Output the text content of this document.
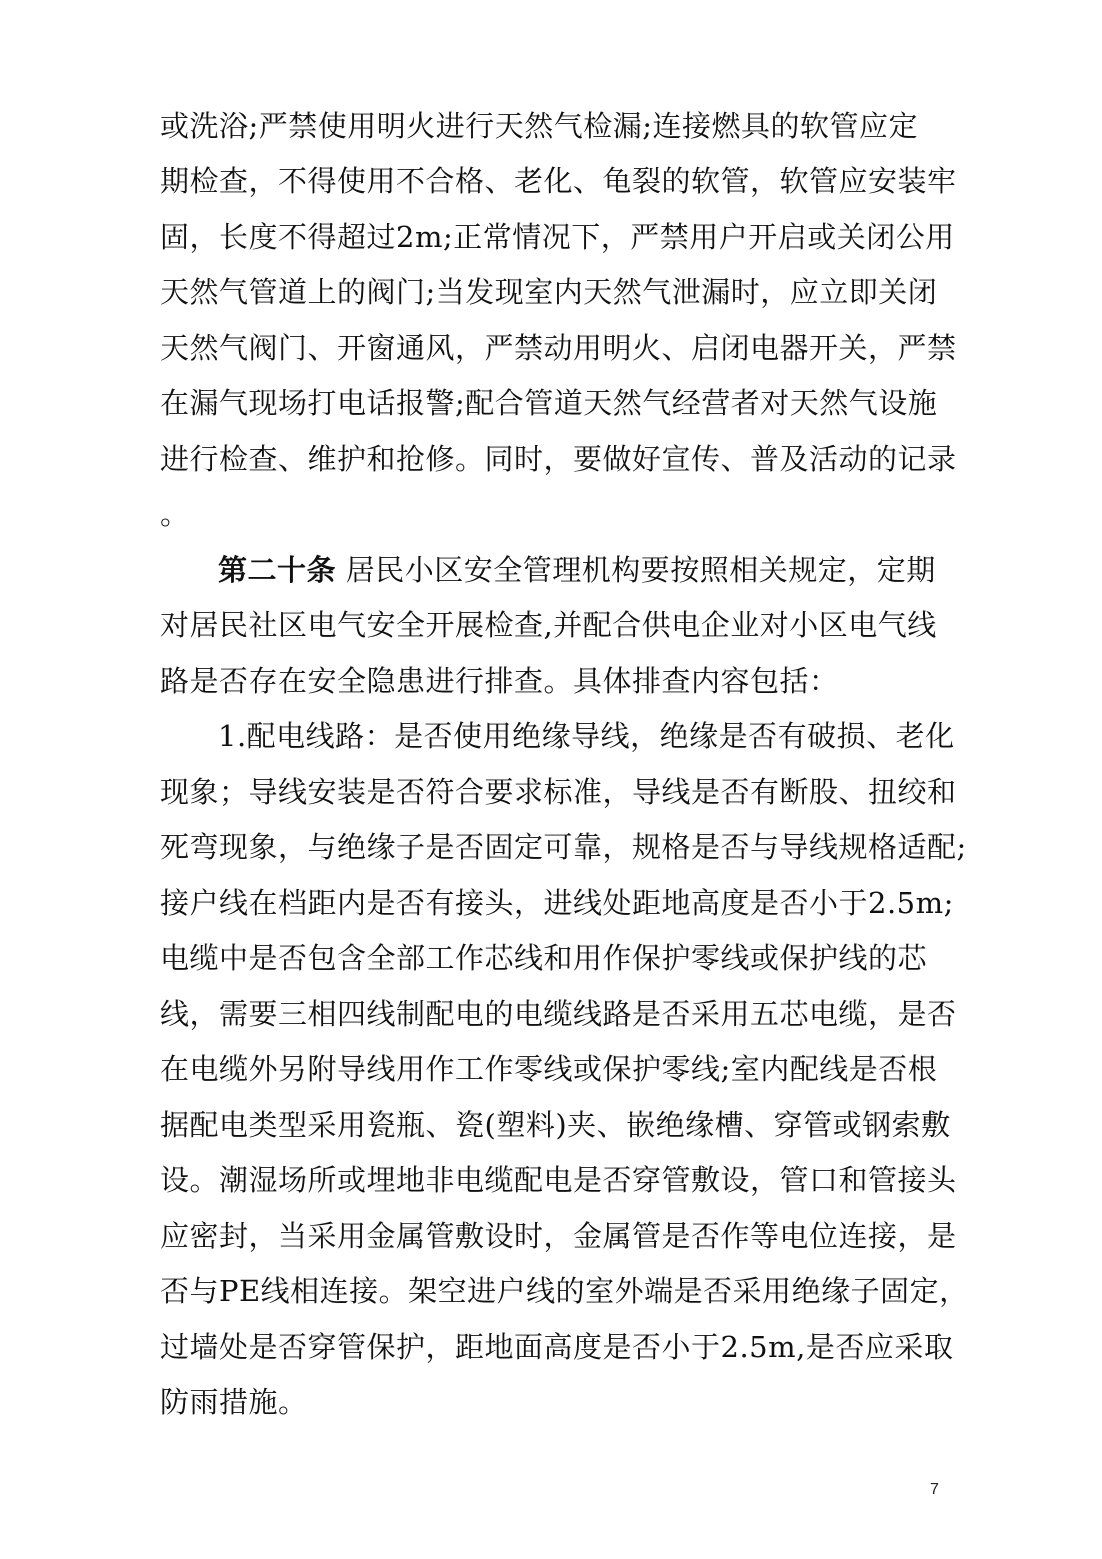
或洗浴;严禁使用明火进行天然气检漏;连接燃具的软管应定
期检查，不得使用不合格、老化、龟裂的软管，软管应安装牢
固，长度不得超过2m;正常情况下，严禁用户开启或关闭公用
天然气管道上的阀门;当发现室内天然气泄漏时，应立即关闭
天然气阀门、开窗通风，严禁动用明火、启闭电器开关，严禁
在漏气现场打电话报警;配合管道天然气经营者对天然气设施
进行检查、维护和抢修。同时，要做好宣传、普及活动的记录
。
第二十条 居民小区安全管理机构要按照相关规定，定期
对居民社区电气安全开展检查,并配合供电企业对小区电气线
路是否存在安全隐患进行排查。具体排查内容包括：
1.配电线路：是否使用绝缘导线，绝缘是否有破损、老化
现象；导线安装是否符合要求标准，导线是否有断股、扭绞和
死弯现象，与绝缘子是否固定可靠，规格是否与导线规格适配;
接户线在档距内是否有接头，进线处距地高度是否小于2.5m;
电缆中是否包含全部工作芯线和用作保护零线或保护线的芯
线，需要三相四线制配电的电缆线路是否采用五芯电缆，是否
在电缆外另附导线用作工作零线或保护零线;室内配线是否根
据配电类型采用瓷瓶、瓷(塑料)夹、嵌绝缘槽、穿管或钢索敷
设。潮湿场所或埋地非电缆配电是否穿管敷设，管口和管接头
应密封，当采用金属管敷设时，金属管是否作等电位连接，是
否与PE线相连接。架空进户线的室外端是否采用绝缘子固定，
过墙处是否穿管保护，距地面高度是否小于2.5m,是否应采取
防雨措施。
7
